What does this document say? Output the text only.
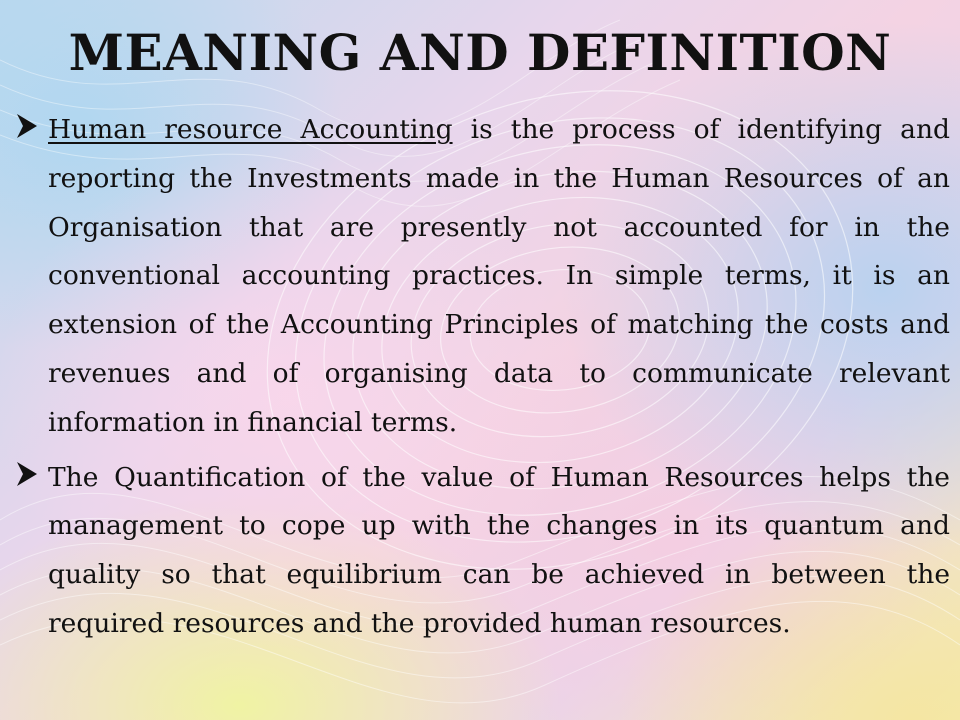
MEANING AND DEFINITION

Human resource Accounting is the process of identifying and reporting the Investments made in the Human Resources of an Organisation that are presently not accounted for in the conventional accounting practices. In simple terms, it is an extension of the Accounting Principles of matching the costs and revenues and of organising data to communicate relevant information in financial terms.

The Quantification of the value of Human Resources helps the management to cope up with the changes in its quantum and quality so that equilibrium can be achieved in between the required resources and the provided human resources.
